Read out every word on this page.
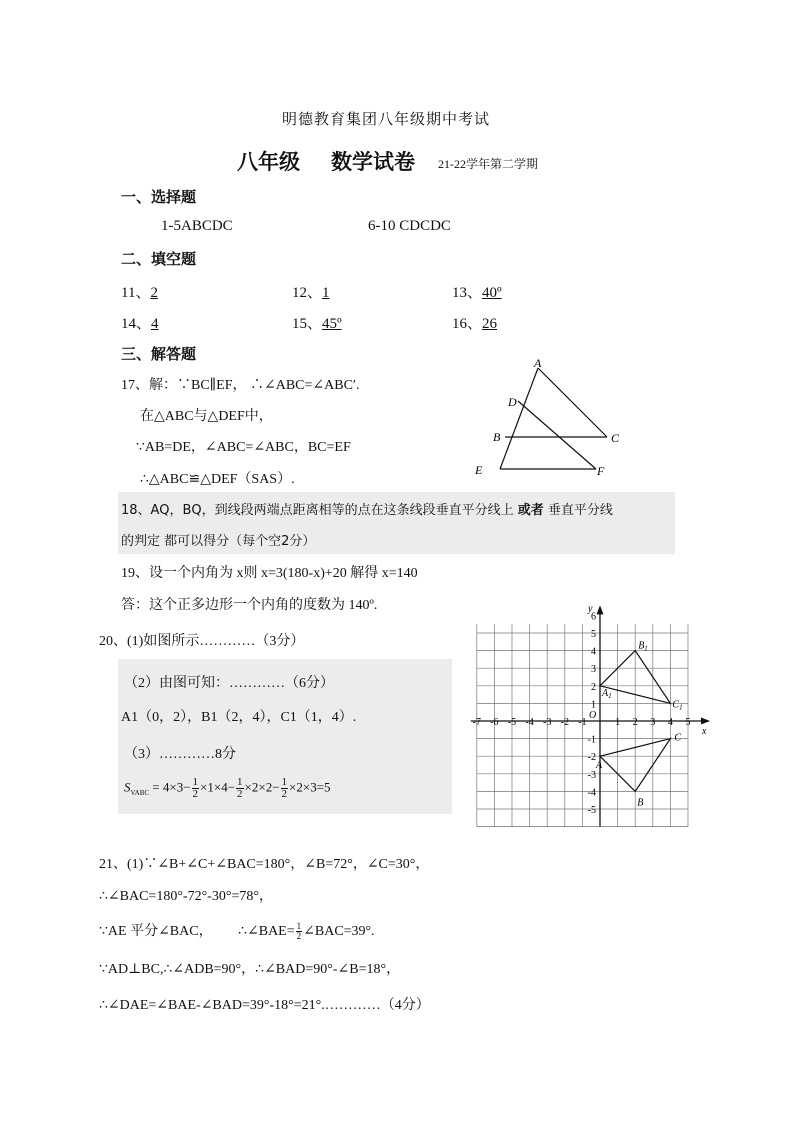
明德教育集团八年级期中考试
八年级 数学试卷 21-22学年第二学期
一、选择题
1-5ABCDC	6-10 CDCDC
二、填空题
11、2	12、1	13、40º
14、4	15、45º	16、26
三、解答题
17、解：∵BC∥EF， ∴∠ABC=∠ABC′.
在△ABC与△DEF中，
∵AB=DE，∠ABC=∠ABC，BC=EF
∴△ABC≌△DEF（SAS）.
A
D
B	C
E	F
18、AQ，BQ，到线段两端点距离相等的点在这条线段垂直平分线上 或者 垂直平分线
的判定 都可以得分（每个空2分）
19、设一个内角为 x则 x=3(180-x)+20 解得 x=140
答：这个正多边形一个内角的度数为 140º.
20、(1)如图所示…………（3分）
（2）由图可知：…………（6分）
A1（0，2），B1（2，4），C1（1，4）.
（3）…………8分
$S_{VABC} = 4\times 3- \frac{1}{2} \times 1\times 4- \frac{1}{2} \times 2\times 2- \frac{1}{2} \times 2\times 3=5$
x
y
O
-7 -6 -5 -4 -3 -2 -1	1 2 3 4 5
6
5
4
3
2
1
-1
-2
-3
-4
-5
$A_1$
$B_1$
$C_1$
A
B
C
21、(1)∵∠B+∠C+∠BAC=180°，∠B=72°，∠C=30°，
∴∠BAC=180°-72°-30°=78°，
∵AE 平分∠BAC， ∴∠BAE= $\frac{1}{2}$ ∠BAC=39°.
∵AD⊥BC,∴∠ADB=90°，∴∠BAD=90°-∠B=18°，
∴∠DAE=∠BAE-∠BAD=39°-18°=21°.…………（4分）
